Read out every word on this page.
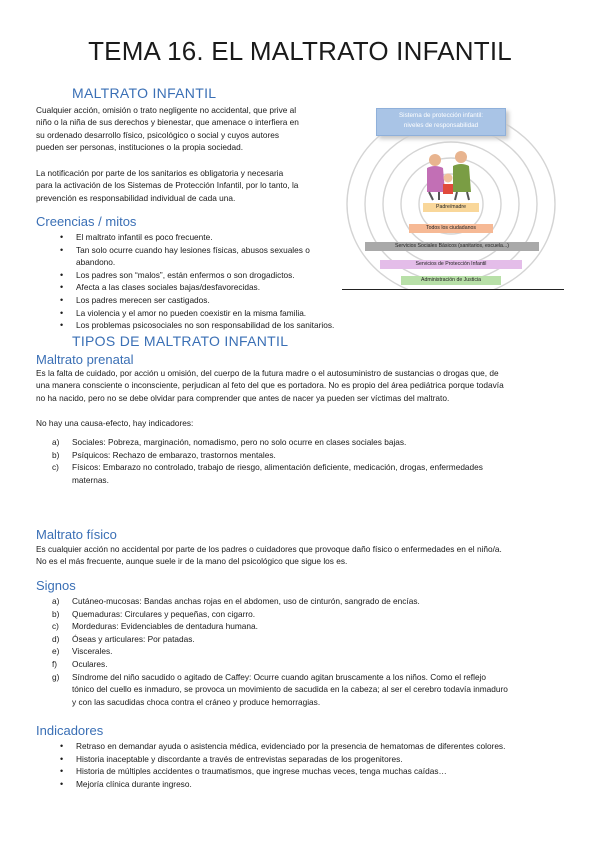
TEMA 16. EL MALTRATO INFANTIL
MALTRATO INFANTIL
Cualquier acción, omisión o trato negligente no accidental, que prive al
niño o la niña de sus derechos y bienestar, que amenace o interfiera en
su ordenado desarrollo físico, psicológico o social y cuyos autores
pueden ser personas, instituciones o la propia sociedad.
La notificación por parte de los sanitarios es obligatoria y necesaria
para la activación de los Sistemas de Protección Infantil, por lo tanto, la
prevención es responsabilidad individual de cada una.
Creencias / mitos
• El maltrato infantil es poco frecuente.
• Tan solo ocurre cuando hay lesiones físicas, abusos sexuales o
abandono.
• Los padres son “malos”, están enfermos o son drogadictos.
• Afecta a las clases sociales bajas/desfavorecidas.
• Los padres merecen ser castigados.
• La violencia y el amor no pueden coexistir en la misma familia.
• Los problemas psicosociales no son responsabilidad de los sanitarios.
Sistema de protección infantil:
niveles de responsabilidad
Padre/madre
Todos los ciudadanos
Servicios Sociales Básicos (sanitarios, escuela...)
Servicios de Protección Infantil
Administración de Justicia
TIPOS DE MALTRATO INFANTIL
Maltrato prenatal
Es la falta de cuidado, por acción u omisión, del cuerpo de la futura madre o el autosuministro de sustancias o drogas que, de
una manera consciente o inconsciente, perjudican al feto del que es portadora. No es propio del área pediátrica porque todavía
no ha nacido, pero no se debe olvidar para comprender que antes de nacer ya pueden ser víctimas del maltrato.
No hay una causa-efecto, hay indicadores:
a) Sociales: Pobreza, marginación, nomadismo, pero no solo ocurre en clases sociales bajas.
b) Psíquicos: Rechazo de embarazo, trastornos mentales.
c) Físicos: Embarazo no controlado, trabajo de riesgo, alimentación deficiente, medicación, drogas, enfermedades
maternas.
Maltrato físico
Es cualquier acción no accidental por parte de los padres o cuidadores que provoque daño físico o enfermedades en el niño/a.
No es el más frecuente, aunque suele ir de la mano del psicológico que sigue los es.
Signos
a) Cutáneo-mucosas: Bandas anchas rojas en el abdomen, uso de cinturón, sangrado de encías.
b) Quemaduras: Circulares y pequeñas, con cigarro.
c) Mordeduras: Evidenciables de dentadura humana.
d) Óseas y articulares: Por patadas.
e) Viscerales.
f) Oculares.
g) Síndrome del niño sacudido o agitado de Caffey: Ocurre cuando agitan bruscamente a los niños. Como el reflejo
tónico del cuello es inmaduro, se provoca un movimiento de sacudida en la cabeza; al ser el cerebro todavía inmaduro
y con las sacudidas choca contra el cráneo y produce hemorragias.
Indicadores
• Retraso en demandar ayuda o asistencia médica, evidenciado por la presencia de hematomas de diferentes colores.
• Historia inaceptable y discordante a través de entrevistas separadas de los progenitores.
• Historia de múltiples accidentes o traumatismos, que ingrese muchas veces, tenga muchas caídas…
• Mejoría clínica durante ingreso.
